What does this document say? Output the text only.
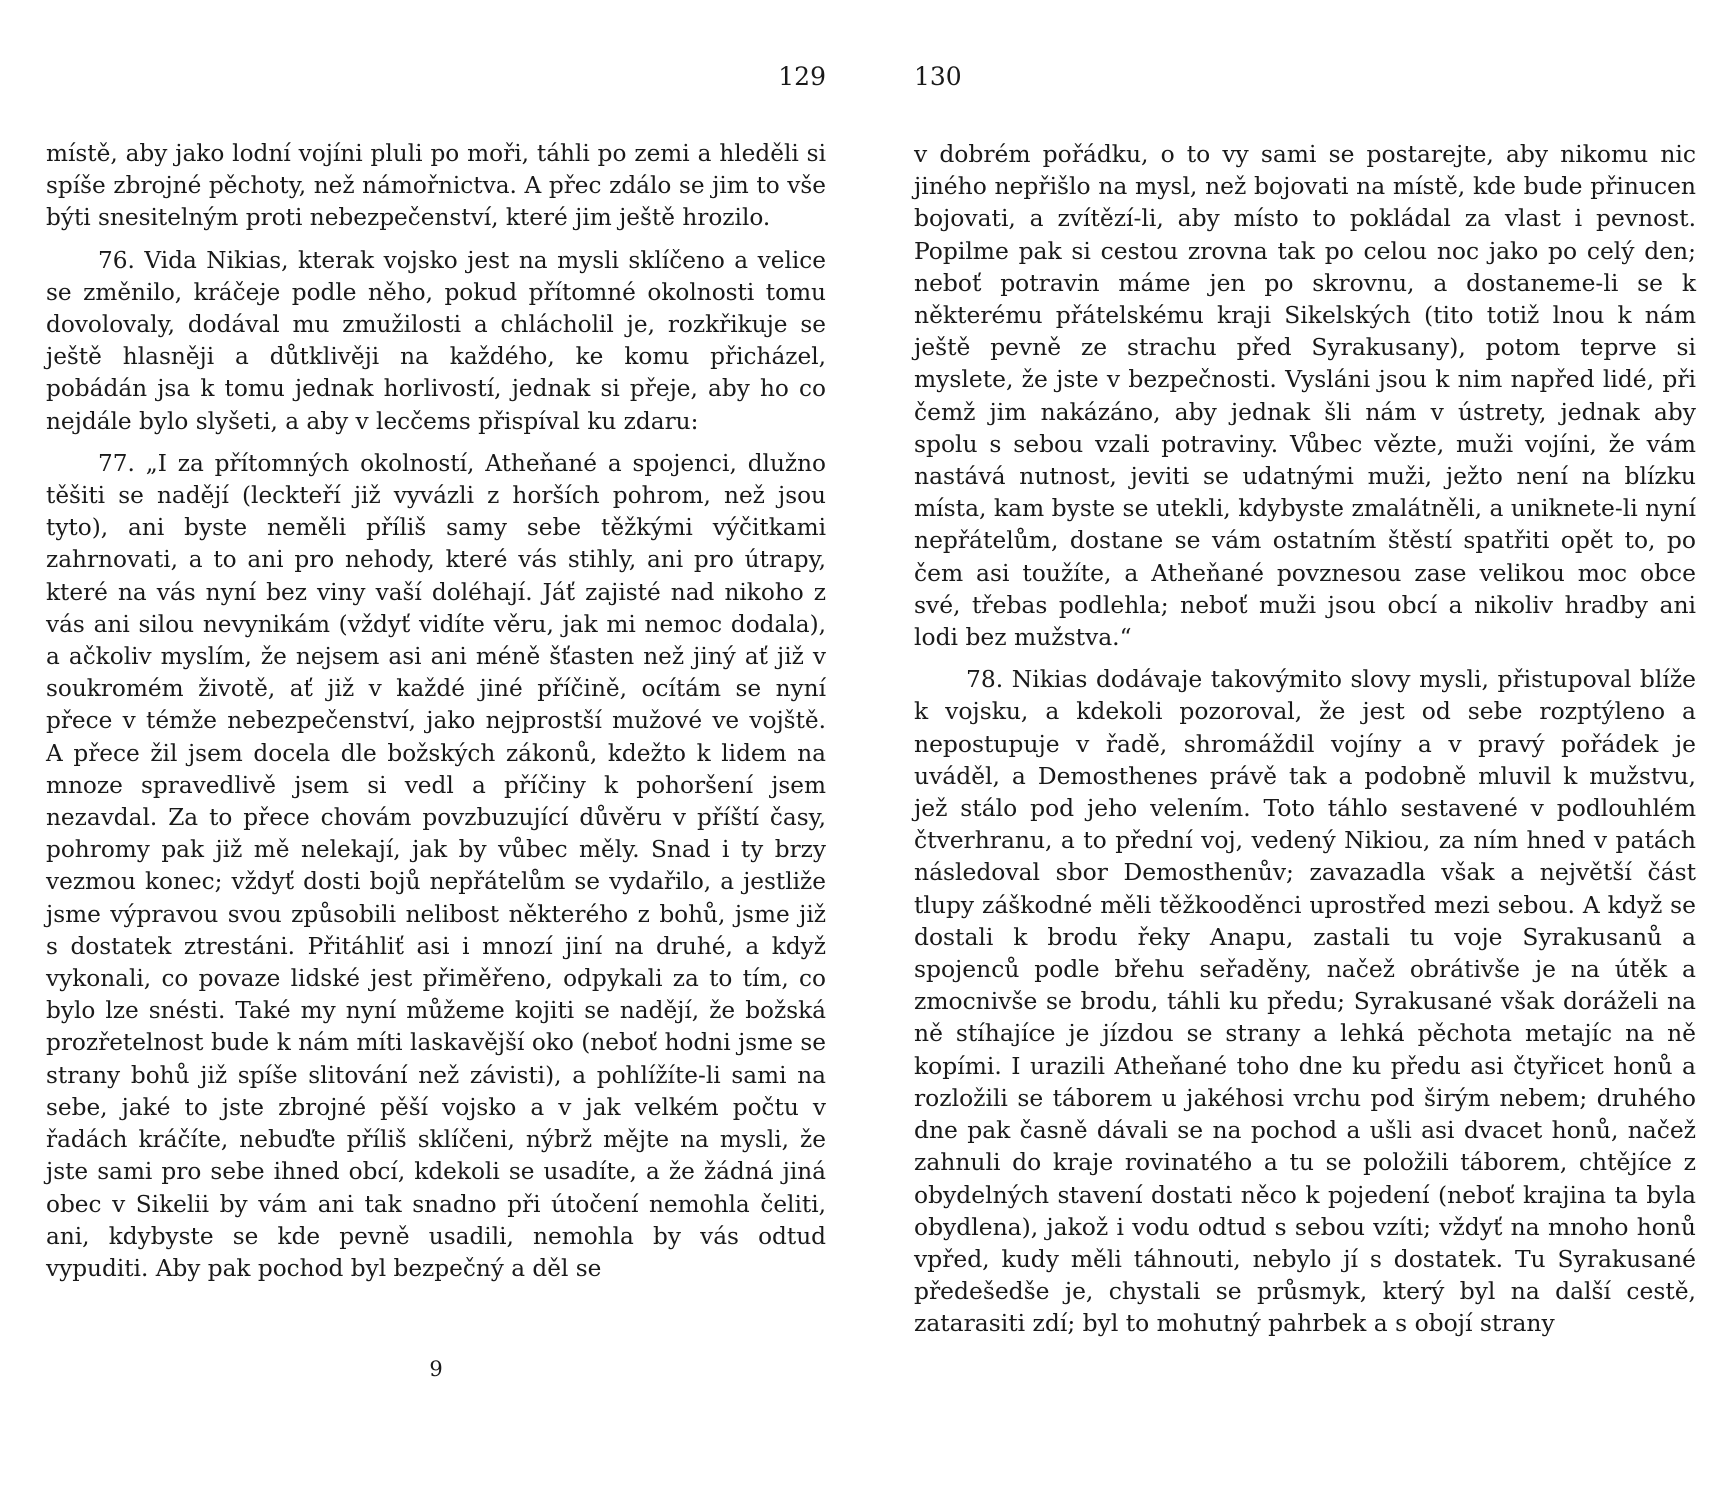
129

místě, aby jako lodní vojíni pluli po moři, táhli po zemi a hleděli si spíše zbrojné pěchoty, než námořnictva. A přec zdálo se jim to vše býti snesitelným proti nebezpečenství, které jim ještě hrozilo.

76. Vida Nikias, kterak vojsko jest na mysli sklíčeno a velice se změnilo, kráčeje podle něho, pokud přítomné okolnosti tomu dovolovaly, dodával mu zmužilosti a chlácholil je, rozkřikuje se ještě hlasněji a důtklivěji na každého, ke komu přicházel, pobádán jsa k tomu jednak horlivostí, jednak si přeje, aby ho co nejdále bylo slyšeti, a aby v lecčems přispíval ku zdaru:

77. „I za přítomných okolností, Atheňané a spojenci, dlužno těšiti se nadějí (leckteří již vyvázli z horších pohrom, než jsou tyto), ani byste neměli příliš samy sebe těžkými výčitkami zahrnovati, a to ani pro nehody, které vás stihly, ani pro útrapy, které na vás nyní bez viny vaší doléhají. Jáť zajisté nad nikoho z vás ani silou nevynikám (vždyť vidíte věru, jak mi nemoc dodala), a ačkoliv myslím, že nejsem asi ani méně šťasten než jiný ať již v soukromém životě, ať již v každé jiné příčině, ocítám se nyní přece v témže nebezpečenství, jako nejprostší mužové ve vojště. A přece žil jsem docela dle božských zákonů, kdežto k lidem na mnoze spravedlivě jsem si vedl a příčiny k pohoršení jsem nezavdal. Za to přece chovám povzbuzující důvěru v příští časy, pohromy pak již mě nelekají, jak by vůbec měly. Snad i ty brzy vezmou konec; vždyť dosti bojů nepřátelům se vydařilo, a jestliže jsme výpravou svou způsobili nelibost některého z bohů, jsme již s dostatek ztrestáni. Přitáhliť asi i mnozí jiní na druhé, a když vykonali, co povaze lidské jest přiměřeno, odpykali za to tím, co bylo lze snésti. Také my nyní můžeme kojiti se nadějí, že božská prozřetelnost bude k nám míti laskavější oko (neboť hodni jsme se strany bohů již spíše slitování než závisti), a pohlížíte-li sami na sebe, jaké to jste zbrojné pěší vojsko a v jak velkém počtu v řadách kráčíte, nebuďte příliš sklíčeni, nýbrž mějte na mysli, že jste sami pro sebe ihned obcí, kdekoli se usadíte, a že žádná jiná obec v Sikelii by vám ani tak snadno při útočení nemohla čeliti, ani, kdybyste se kde pevně usadili, nemohla by vás odtud vypuditi. Aby pak pochod byl bezpečný a děl se

9
130

v dobrém pořádku, o to vy sami se postarejte, aby nikomu nic jiného nepřišlo na mysl, než bojovati na místě, kde bude přinucen bojovati, a zvítězí-li, aby místo to pokládal za vlast i pevnost. Popilme pak si cestou zrovna tak po celou noc jako po celý den; neboť potravin máme jen po skrovnu, a dostaneme-li se k některému přátelskému kraji Sikelských (tito totiž lnou k nám ještě pevně ze strachu před Syrakusany), potom teprve si myslete, že jste v bezpečnosti. Vysláni jsou k nim napřed lidé, při čemž jim nakázáno, aby jednak šli nám v ústrety, jednak aby spolu s sebou vzali potraviny. Vůbec vězte, muži vojíni, že vám nastává nutnost, jeviti se udatnými muži, ježto není na blízku místa, kam byste se utekli, kdybyste zmalátněli, a uniknete-li nyní nepřátelům, dostane se vám ostatním štěstí spatřiti opět to, po čem asi toužíte, a Atheňané povznesou zase velikou moc obce své, třebas podlehla; neboť muži jsou obcí a nikoliv hradby ani lodi bez mužstva.“

78. Nikias dodávaje takovýmito slovy mysli, přistupoval blíže k vojsku, a kdekoli pozoroval, že jest od sebe rozptýleno a nepostupuje v řadě, shromáždil vojíny a v pravý pořádek je uváděl, a Demosthenes právě tak a podobně mluvil k mužstvu, jež stálo pod jeho velením. Toto táhlo sestavené v podlouhlém čtverhranu, a to přední voj, vedený Nikiou, za ním hned v patách následoval sbor Demosthenův; zavazadla však a největší část tlupy záškodné měli těžkooděnci uprostřed mezi sebou. A když se dostali k brodu řeky Anapu, zastali tu voje Syrakusanů a spojenců podle břehu seřaděny, načež obrátivše je na útěk a zmocnivše se brodu, táhli ku předu; Syrakusané však doráželi na ně stíhajíce je jízdou se strany a lehká pěchota metajíc na ně kopími. I urazili Atheňané toho dne ku předu asi čtyřicet honů a rozložili se táborem u jakéhosi vrchu pod širým nebem; druhého dne pak časně dávali se na pochod a ušli asi dvacet honů, načež zahnuli do kraje rovinatého a tu se položili táborem, chtějíce z obydelných stavení dostati něco k pojedení (neboť krajina ta byla obydlena), jakož i vodu odtud s sebou vzíti; vždyť na mnoho honů vpřed, kudy měli táhnouti, nebylo jí s dostatek. Tu Syrakusané předešedše je, chystali se průsmyk, který byl na další cestě, zatarasiti zdí; byl to mohutný pahrbek a s obojí strany
